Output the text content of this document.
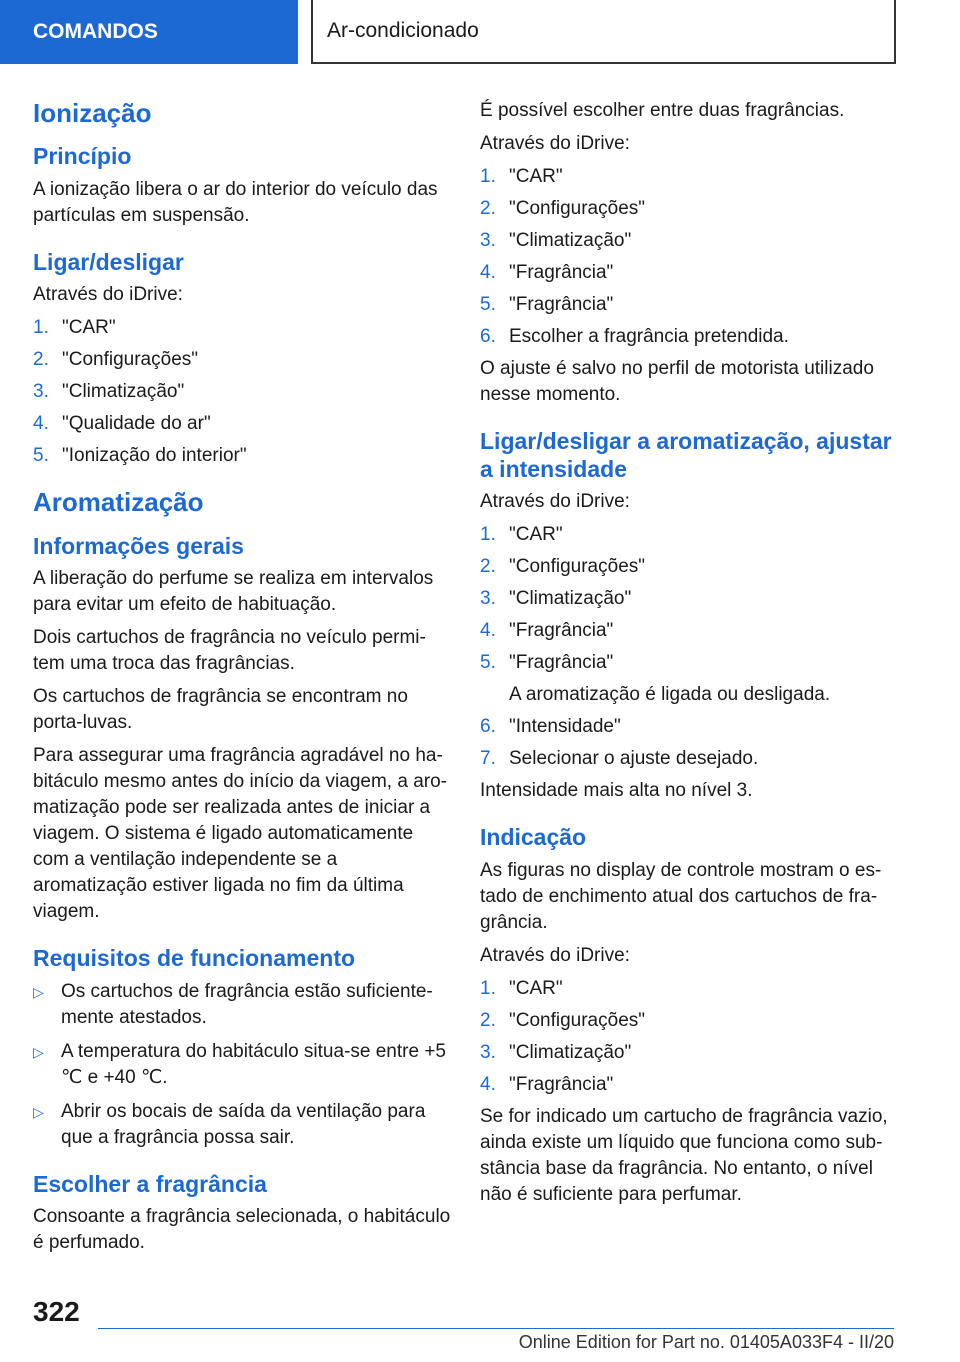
COMANDOS	Ar-condicionado
Ionização
Princípio

A ionização libera o ar do interior do veículo das partículas em suspensão.

Ligar/desligar

Através do iDrive:

1. "CAR"
2. "Configurações"
3. "Climatização"
4. "Qualidade do ar"
5. "Ionização do interior"
Aromatização
Informações gerais

A liberação do perfume se realiza em intervalos para evitar um efeito de habituação.

Dois cartuchos de fragrância no veículo permitem uma troca das fragrâncias.

Os cartuchos de fragrância se encontram no porta-luvas.

Para assegurar uma fragrância agradável no habitáculo mesmo antes do início da viagem, a aromatização pode ser realizada antes de iniciar a viagem. O sistema é ligado automaticamente com a ventilação independente se a aromatização estiver ligada no fim da última viagem.

Requisitos de funcionamento
▷ Os cartuchos de fragrância estão suficientemente atestados.
▷ A temperatura do habitáculo situa-se entre +5 ℃ e +40 ℃.
▷ Abrir os bocais de saída da ventilação para que a fragrância possa sair.
Escolher a fragrância

Consoante a fragrância selecionada, o habitáculo é perfumado.

É possível escolher entre duas fragrâncias.

Através do iDrive:

1. "CAR"
2. "Configurações"
3. "Climatização"
4. "Fragrância"
5. "Fragrância"
6. Escolher a fragrância pretendida.

O ajuste é salvo no perfil de motorista utilizado nesse momento.

Ligar/desligar a aromatização, ajustar a intensidade

Através do iDrive:

1. "CAR"
2. "Configurações"
3. "Climatização"
4. "Fragrância"
5. "Fragrância"
A aromatização é ligada ou desligada.
6. "Intensidade"
7. Selecionar o ajuste desejado.

Intensidade mais alta no nível 3.

Indicação

As figuras no display de controle mostram o estado de enchimento atual dos cartuchos de fragrância.

Através do iDrive:

1. "CAR"
2. "Configurações"
3. "Climatização"
4. "Fragrância"

Se for indicado um cartucho de fragrância vazio, ainda existe um líquido que funciona como substância base da fragrância. No entanto, o nível não é suficiente para perfumar.

322
Online Edition for Part no. 01405A033F4 - II/20
